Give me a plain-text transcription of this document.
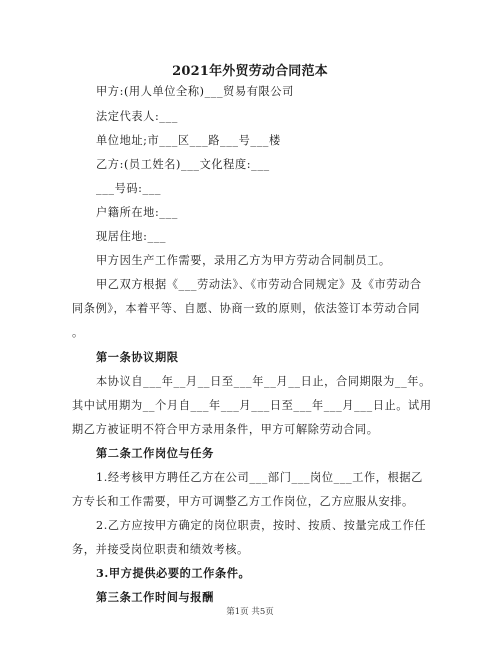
2021年外贸劳动合同范本
甲方:(用人单位全称)___贸易有限公司
法定代表人:___
单位地址;市___区___路___号___楼
乙方:(员工姓名)___文化程度:___
___号码:___
户籍所在地:___
现居住地:___
甲方因生产工作需要，录用乙方为甲方劳动合同制员工。
甲乙双方根据《___劳动法》、《市劳动合同规定》及《市劳动合
同条例》，本着平等、自愿、协商一致的原则，依法签订本劳动合同
。
第一条协议期限
本协议自___年__月__日至___年__月__日止，合同期限为__年。
其中试用期为__个月自___年___月___日至___年___月___日止。试用
期乙方被证明不符合甲方录用条件，甲方可解除劳动合同。
第二条工作岗位与任务
1.经考核甲方聘任乙方在公司___部门___岗位___工作，根据乙
方专长和工作需要，甲方可调整乙方工作岗位，乙方应服从安排。
2.乙方应按甲方确定的岗位职责，按时、按质、按量完成工作任
务，并接受岗位职责和绩效考核。
3.甲方提供必要的工作条件。
第三条工作时间与报酬
第1页 共5页
